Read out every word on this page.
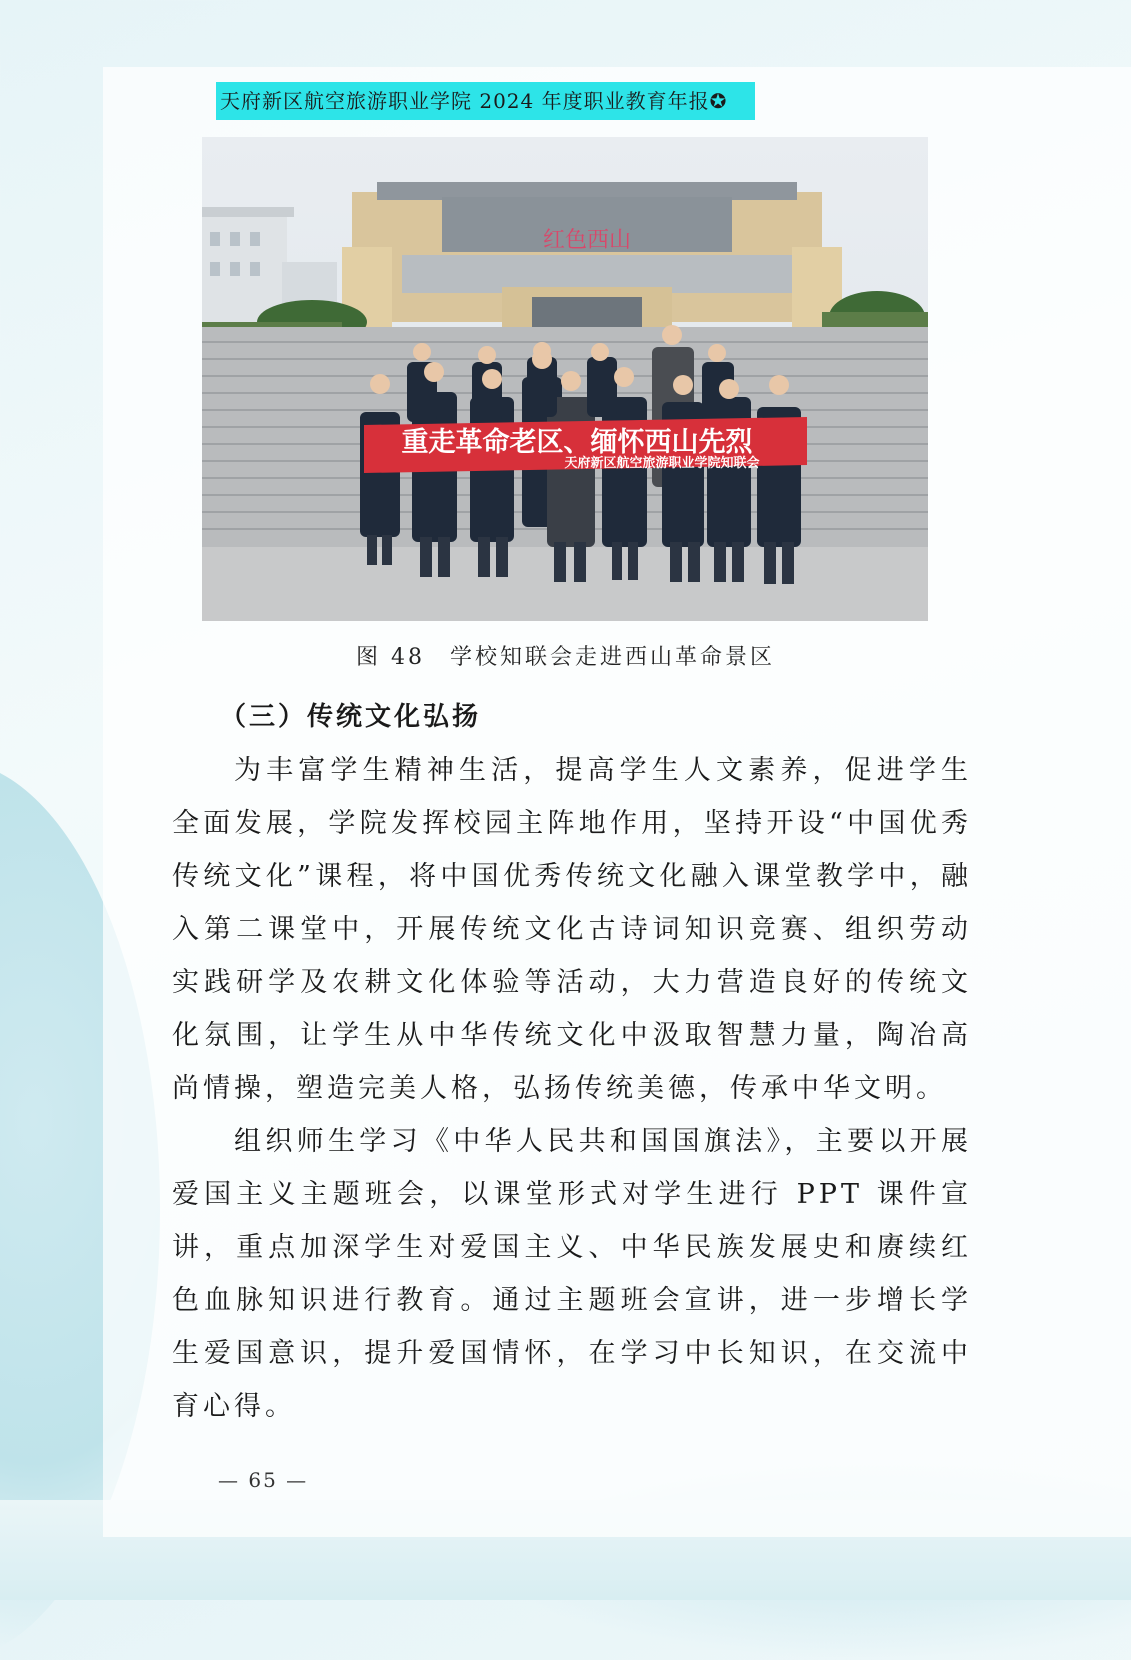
天府新区航空旅游职业学院 2024 年度职业教育年报✪
红色西山
重走革命老区、缅怀西山先烈
天府新区航空旅游职业学院知联会
图 48　学校知联会走进西山革命景区
（三）传统文化弘扬
为丰富学生精神生活，提高学生人文素养，促进学生全面发展，学院发挥校园主阵地作用，坚持开设“中国优秀传统文化”课程，将中国优秀传统文化融入课堂教学中，融入第二课堂中，开展传统文化古诗词知识竞赛、组织劳动实践研学及农耕文化体验等活动，大力营造良好的传统文化氛围，让学生从中华传统文化中汲取智慧力量，陶冶高尚情操，塑造完美人格，弘扬传统美德，传承中华文明。
组织师生学习《中华人民共和国国旗法》，主要以开展爱国主义主题班会，以课堂形式对学生进行 PPT 课件宣讲，重点加深学生对爱国主义、中华民族发展史和赓续红色血脉知识进行教育。通过主题班会宣讲，进一步增长学生爱国意识，提升爱国情怀，在学习中长知识，在交流中育心得。
— 65 —
